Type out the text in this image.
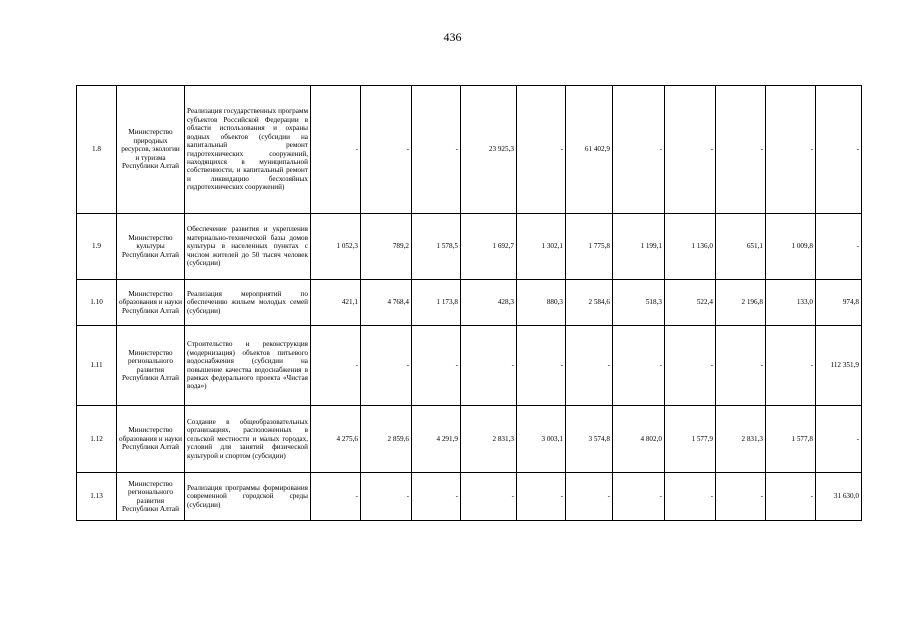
436
1.8	Министерство природных ресурсов, экологии и туризма Республики Алтай	Реализация государственных программ субъектов Российской Федерации в области использования и охраны водных объектов (субсидии на капитальный ремонт гидротехнических сооружений, находящихся в муниципальной собственности, и капитальный ремонт и ликвидацию бесхозяйных гидротехнических сооружений)	-	-	-	23 925,3	-	61 402,9	-	-	-	-	-
1.9	Министерство культуры Республики Алтай	Обеспечение развития и укрепления материально-технической базы домов культуры в населенных пунктах с числом жителей до 50 тысяч человек (субсидии)	1 052,3	789,2	1 578,5	1 692,7	1 302,1	1 775,8	1 199,1	1 136,0	651,1	1 009,8	-
1.10	Министерство образования и науки Республики Алтай	Реализация мероприятий по обеспечению жильем молодых семей (субсидии)	421,1	4 768,4	1 173,8	428,3	880,3	2 584,6	518,3	522,4	2 196,8	133,0	974,8
1.11	Министерство регионального развития Республики Алтай	Строительство и реконструкция (модернизация) объектов питьевого водоснабжения (субсидии на повышение качества водоснабжения в рамках федерального проекта «Чистая вода»)	-	-	-	-	-	-	-	-	-	-	112 351,9
1.12	Министерство образования и науки Республики Алтай	Создание в общеобразовательных организациях, расположенных в сельской местности и малых городах, условий для занятий физической культурой и спортом (субсидии)	4 275,6	2 859,6	4 291,9	2 831,3	3 003,1	3 574,8	4 802,0	1 577,9	2 831,3	1 577,8	-
1.13	Министерство регионального развития Республики Алтай	Реализация программы формирования современной городской среды (субсидии)	-	-	-	-	-	-	-	-	-	-	31 630,0
